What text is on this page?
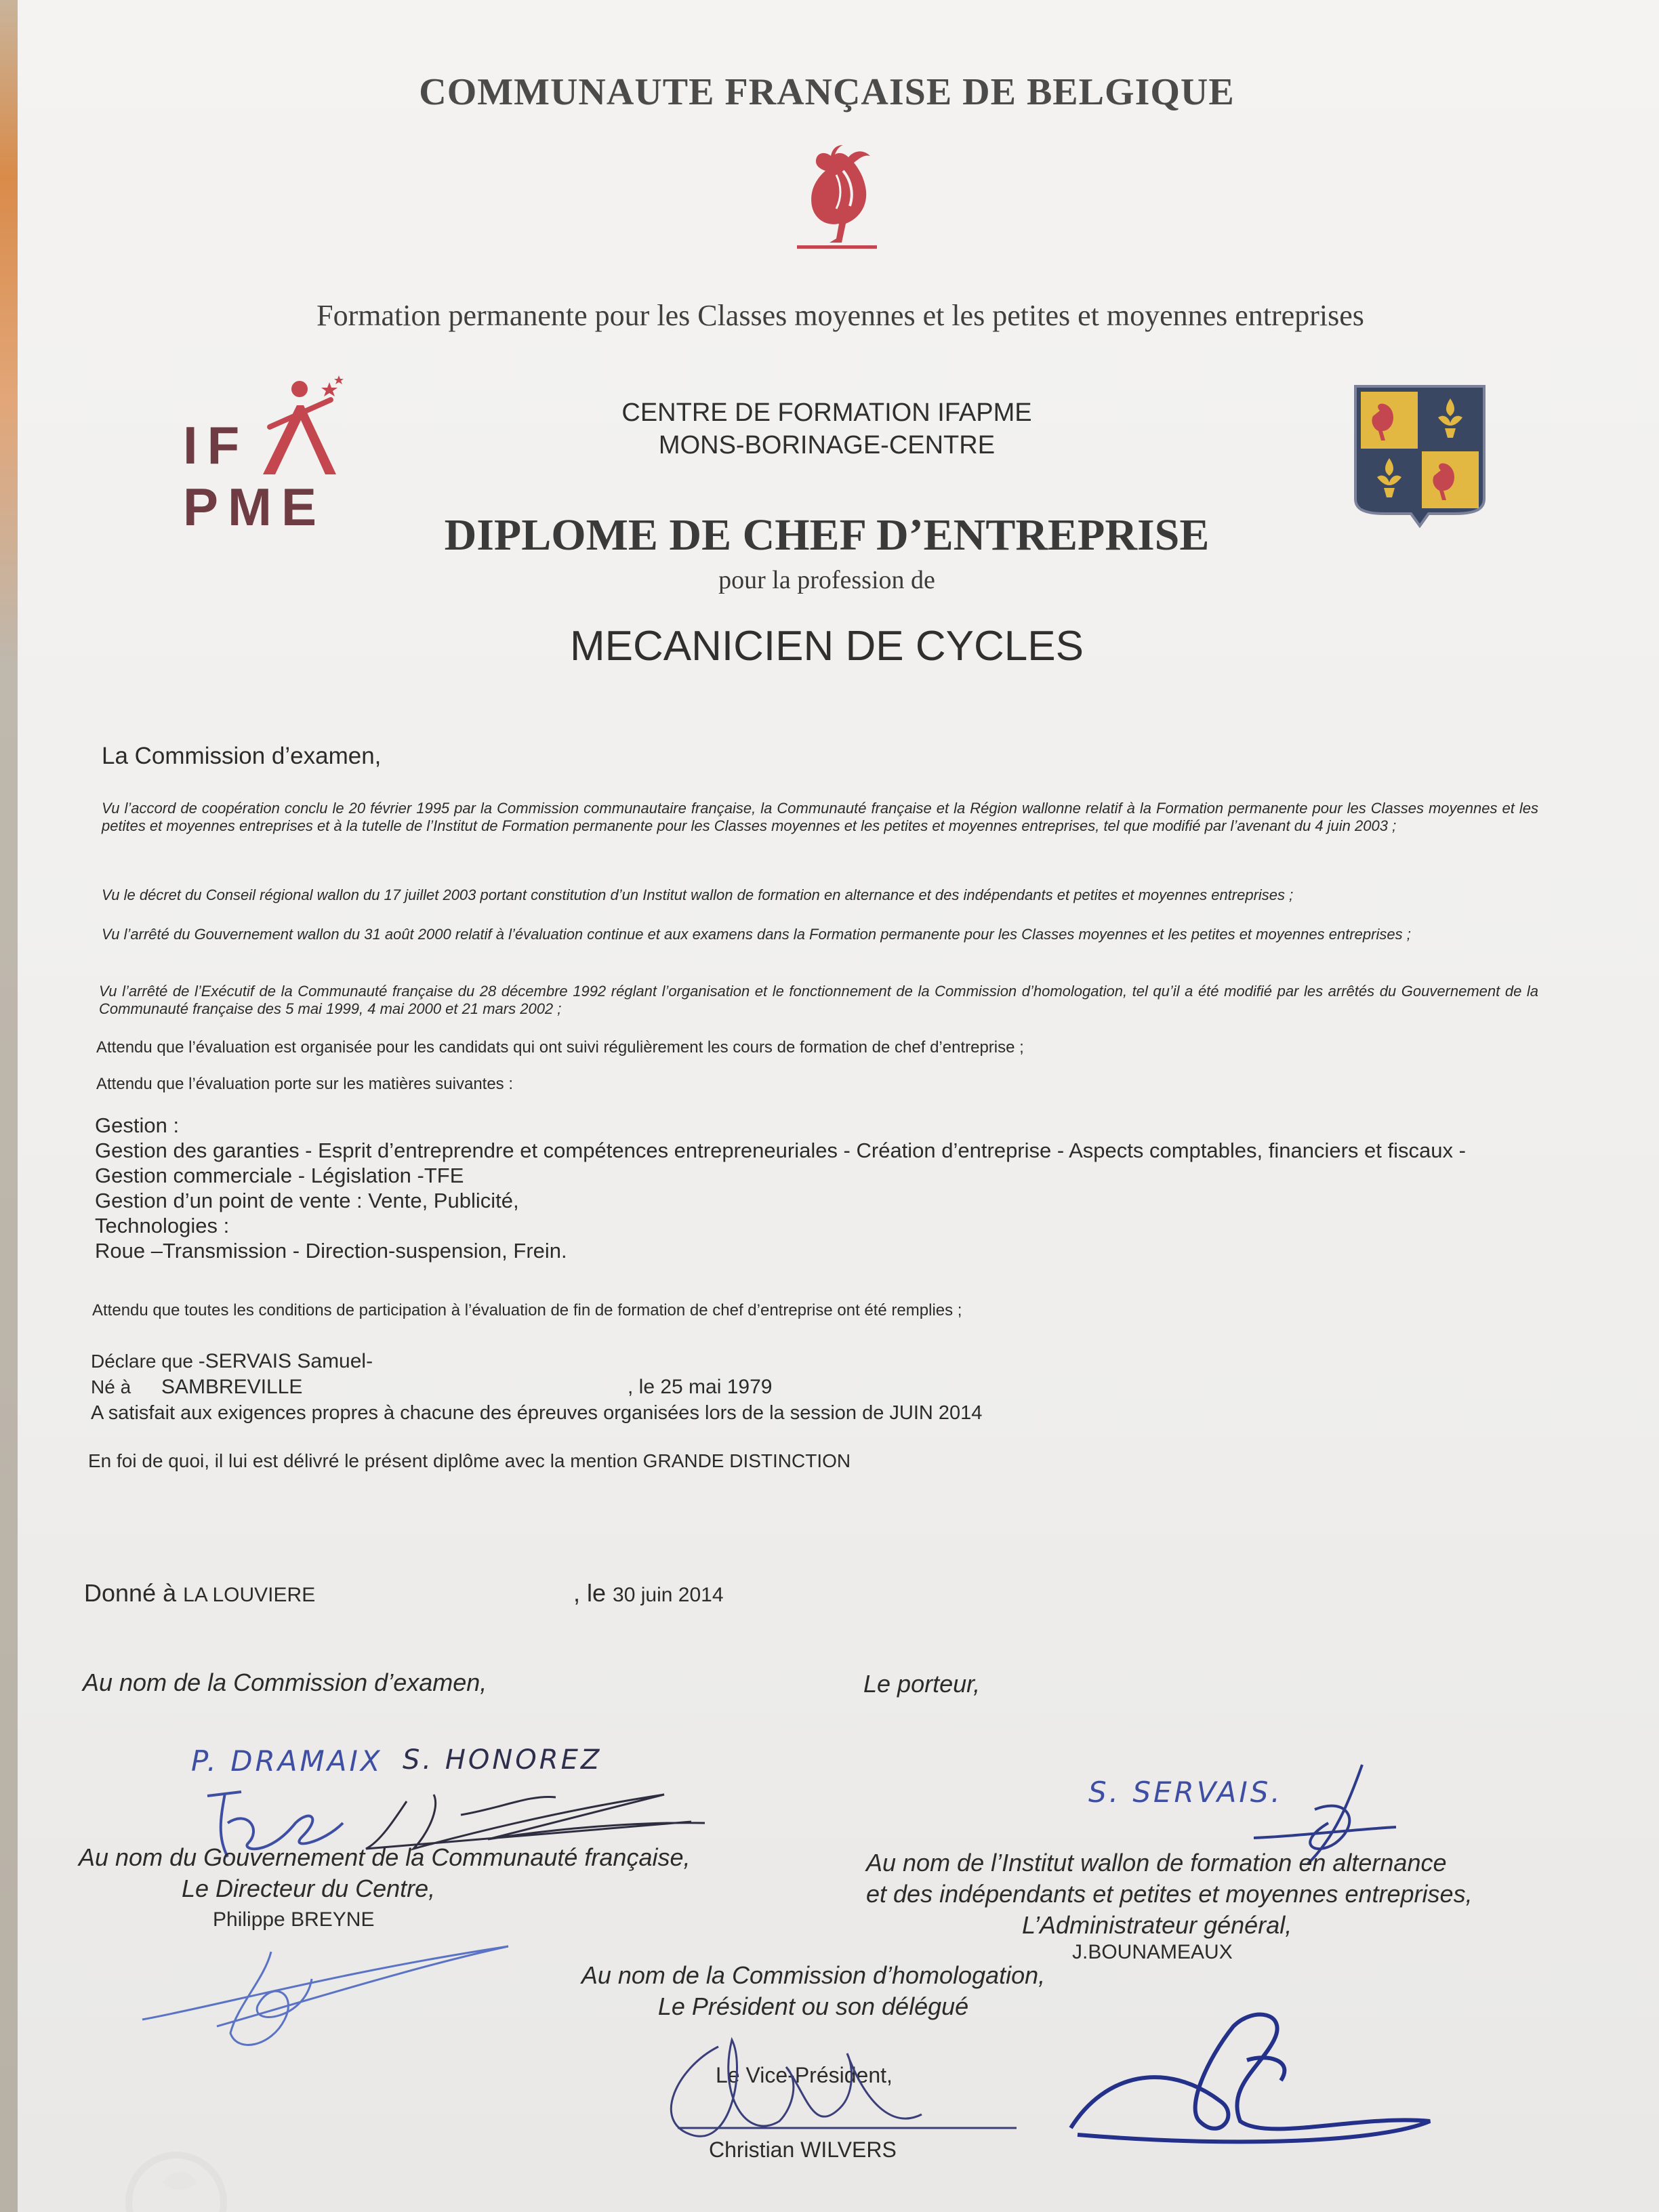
COMMUNAUTE FRANÇAISE DE BELGIQUE
Formation permanente pour les Classes moyennes et les petites et moyennes entreprises
IFPME
CENTRE DE FORMATION IFAPME
MONS-BORINAGE-CENTRE
DIPLOME DE CHEF D’ENTREPRISE
pour la profession de
MECANICIEN DE CYCLES
La Commission d’examen,
Vu l’accord de coopération conclu le 20 février 1995 par la Commission communautaire française, la Communauté française et la Région wallonne relatif à la Formation permanente pour les Classes moyennes et les petites et moyennes entreprises et à la tutelle de l’Institut de Formation permanente pour les Classes moyennes et les petites et moyennes entreprises, tel que modifié par l’avenant du 4 juin 2003 ;
Vu le décret du Conseil régional wallon du 17 juillet 2003 portant constitution d’un Institut wallon de formation en alternance et des indépendants et petites et moyennes entreprises ;
Vu l’arrêté du Gouvernement wallon du 31 août 2000 relatif à l’évaluation continue et aux examens dans la Formation permanente pour les Classes moyennes et les petites et moyennes entreprises ;
Vu l’arrêté de l’Exécutif de la Communauté française du 28 décembre 1992 réglant l’organisation et le fonctionnement de la Commission d’homologation, tel qu’il a été modifié par les arrêtés du Gouvernement de la Communauté française des 5 mai 1999, 4 mai 2000 et 21 mars 2002 ;
Attendu que l’évaluation est organisée pour les candidats qui ont suivi régulièrement les cours de formation de chef d’entreprise ;
Attendu que l’évaluation porte sur les matières suivantes :
Gestion :
Gestion des garanties - Esprit d’entreprendre et compétences entrepreneuriales - Création d’entreprise - Aspects comptables, financiers et fiscaux -
Gestion commerciale - Législation -TFE
Gestion d’un point de vente : Vente, Publicité,
Technologies :
Roue –Transmission - Direction-suspension, Frein.
Attendu que toutes les conditions de participation à l’évaluation de fin de formation de chef d’entreprise ont été remplies ;
Déclare que -SERVAIS Samuel-
Né à SAMBREVILLE	, le 25 mai 1979
A satisfait aux exigences propres à chacune des épreuves organisées lors de la session de JUIN 2014
En foi de quoi, il lui est délivré le présent diplôme avec la mention GRANDE DISTINCTION
Donné à LA LOUVIERE	, le 30 juin 2014
Au nom de la Commission d’examen,	Le porteur,
P. DRAMAIX S. HONOREZ
S. SERVAIS.
Au nom du Gouvernement de la Communauté française,
Le Directeur du Centre,
Philippe BREYNE
Au nom de l’Institut wallon de formation en alternance
et des indépendants et petites et moyennes entreprises,
L’Administrateur général,
J.BOUNAMEAUX
Au nom de la Commission d’homologation,
Le Président ou son délégué
Le Vice-Président,
Christian WILVERS
